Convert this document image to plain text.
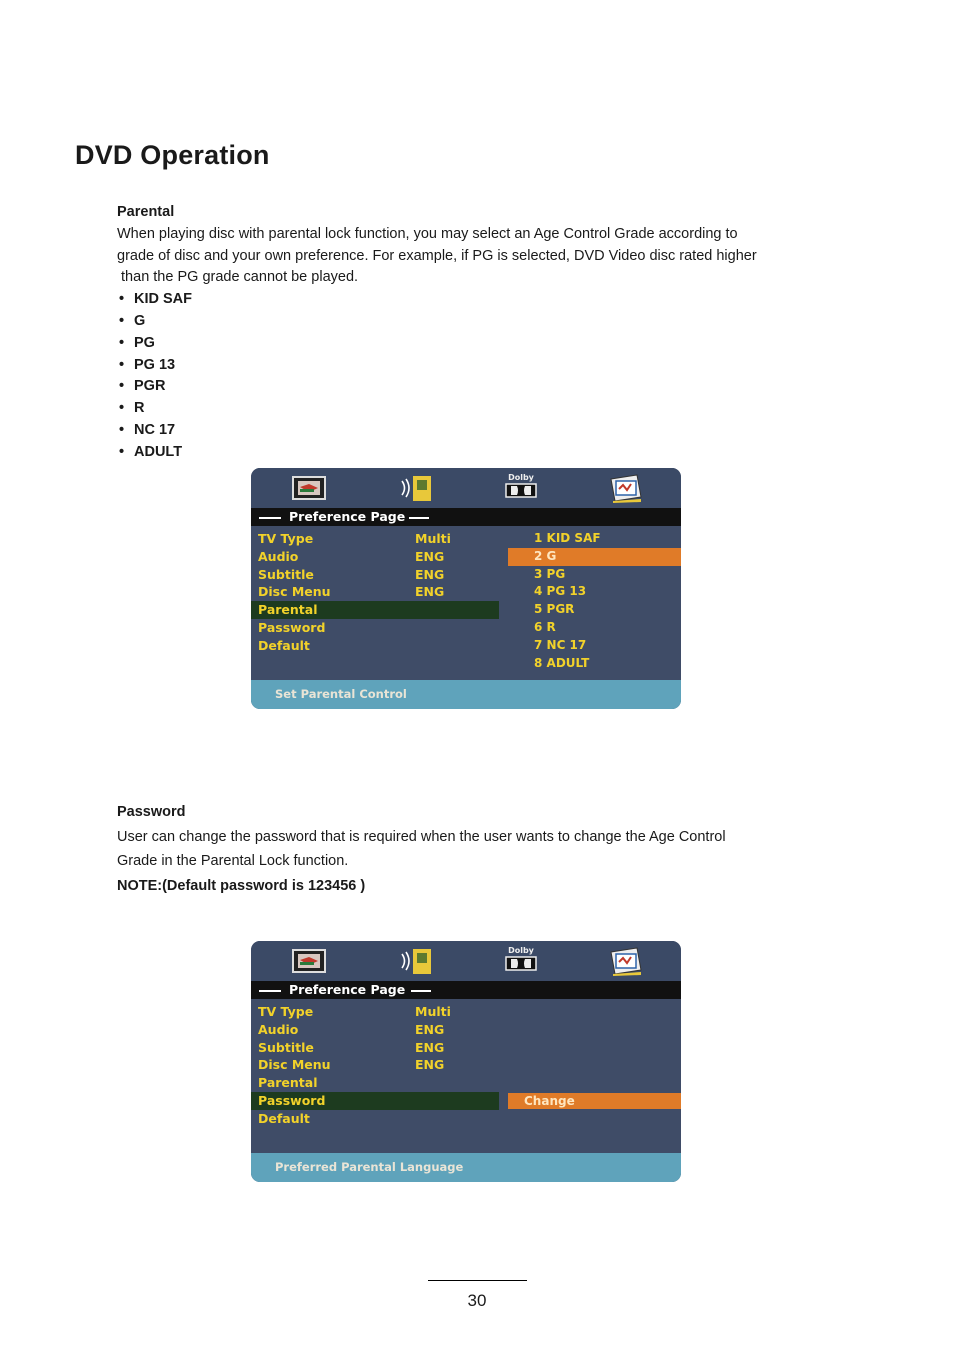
DVD Operation
Parental
When playing disc with parental lock function, you may select an Age Control Grade according to
grade of disc and your own preference. For example, if PG is selected, DVD Video disc rated higher
than the PG grade cannot be played.
• KID SAF
• G
• PG
• PG 13
• PGR
• R
• NC 17
• ADULT
Dolby
Preference Page
TV Type	Multi
Audio	ENG
Subtitle	ENG
Disc Menu	ENG
Parental
Password
Default
1 KID SAF
2 G
3 PG
4 PG 13
5 PGR
6 R
7 NC 17
8 ADULT
Set Parental Control
Password
User can change the password that is required when the user wants to change the Age Control
Grade in the Parental Lock function.
NOTE:(Default password is 123456 )
Dolby
Preference Page
TV Type	Multi
Audio	ENG
Subtitle	ENG
Disc Menu	ENG
Parental
Password
Default
Change
Preferred Parental Language
30
